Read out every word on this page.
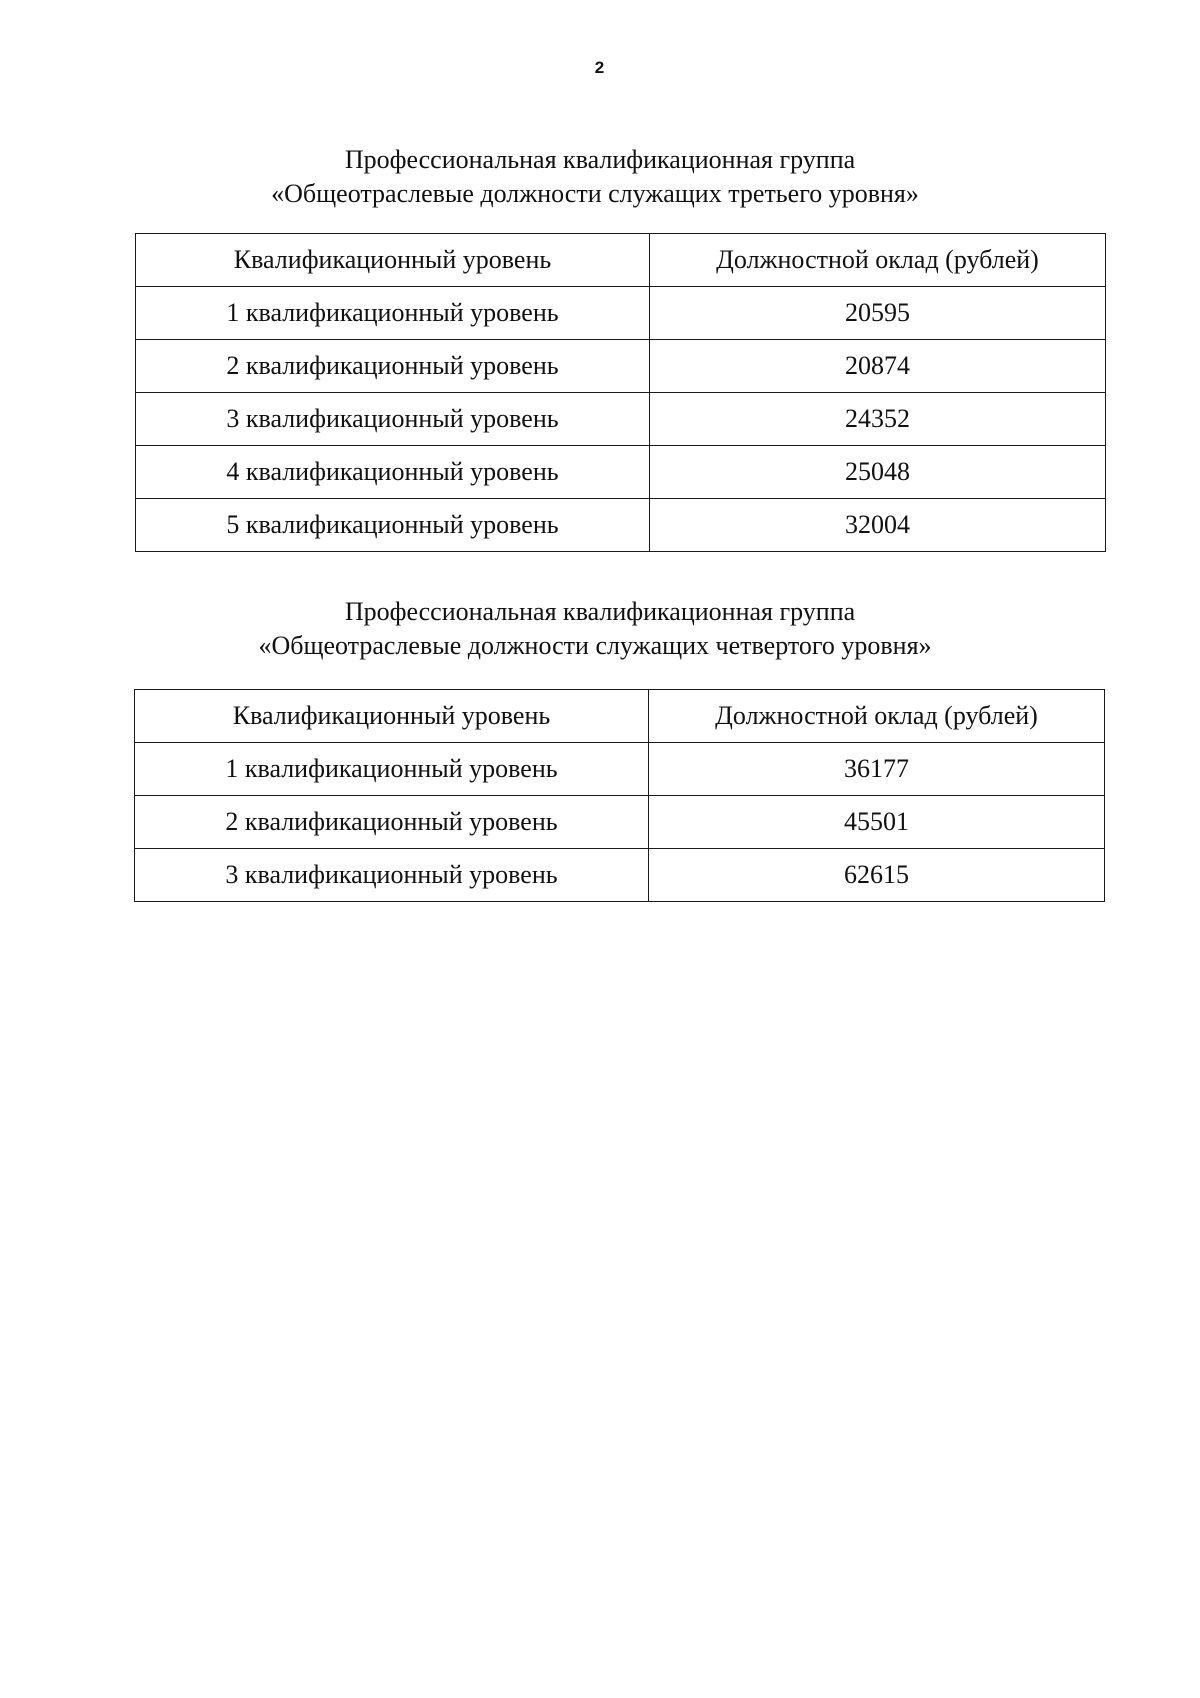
2
Профессиональная квалификационная группа
«Общеотраслевые должности служащих третьего уровня»
Квалификационный уровень	Должностной оклад (рублей)
1 квалификационный уровень	20595
2 квалификационный уровень	20874
3 квалификационный уровень	24352
4 квалификационный уровень	25048
5 квалификационный уровень	32004
Профессиональная квалификационная группа
«Общеотраслевые должности служащих четвертого уровня»
Квалификационный уровень	Должностной оклад (рублей)
1 квалификационный уровень	36177
2 квалификационный уровень	45501
3 квалификационный уровень	62615
